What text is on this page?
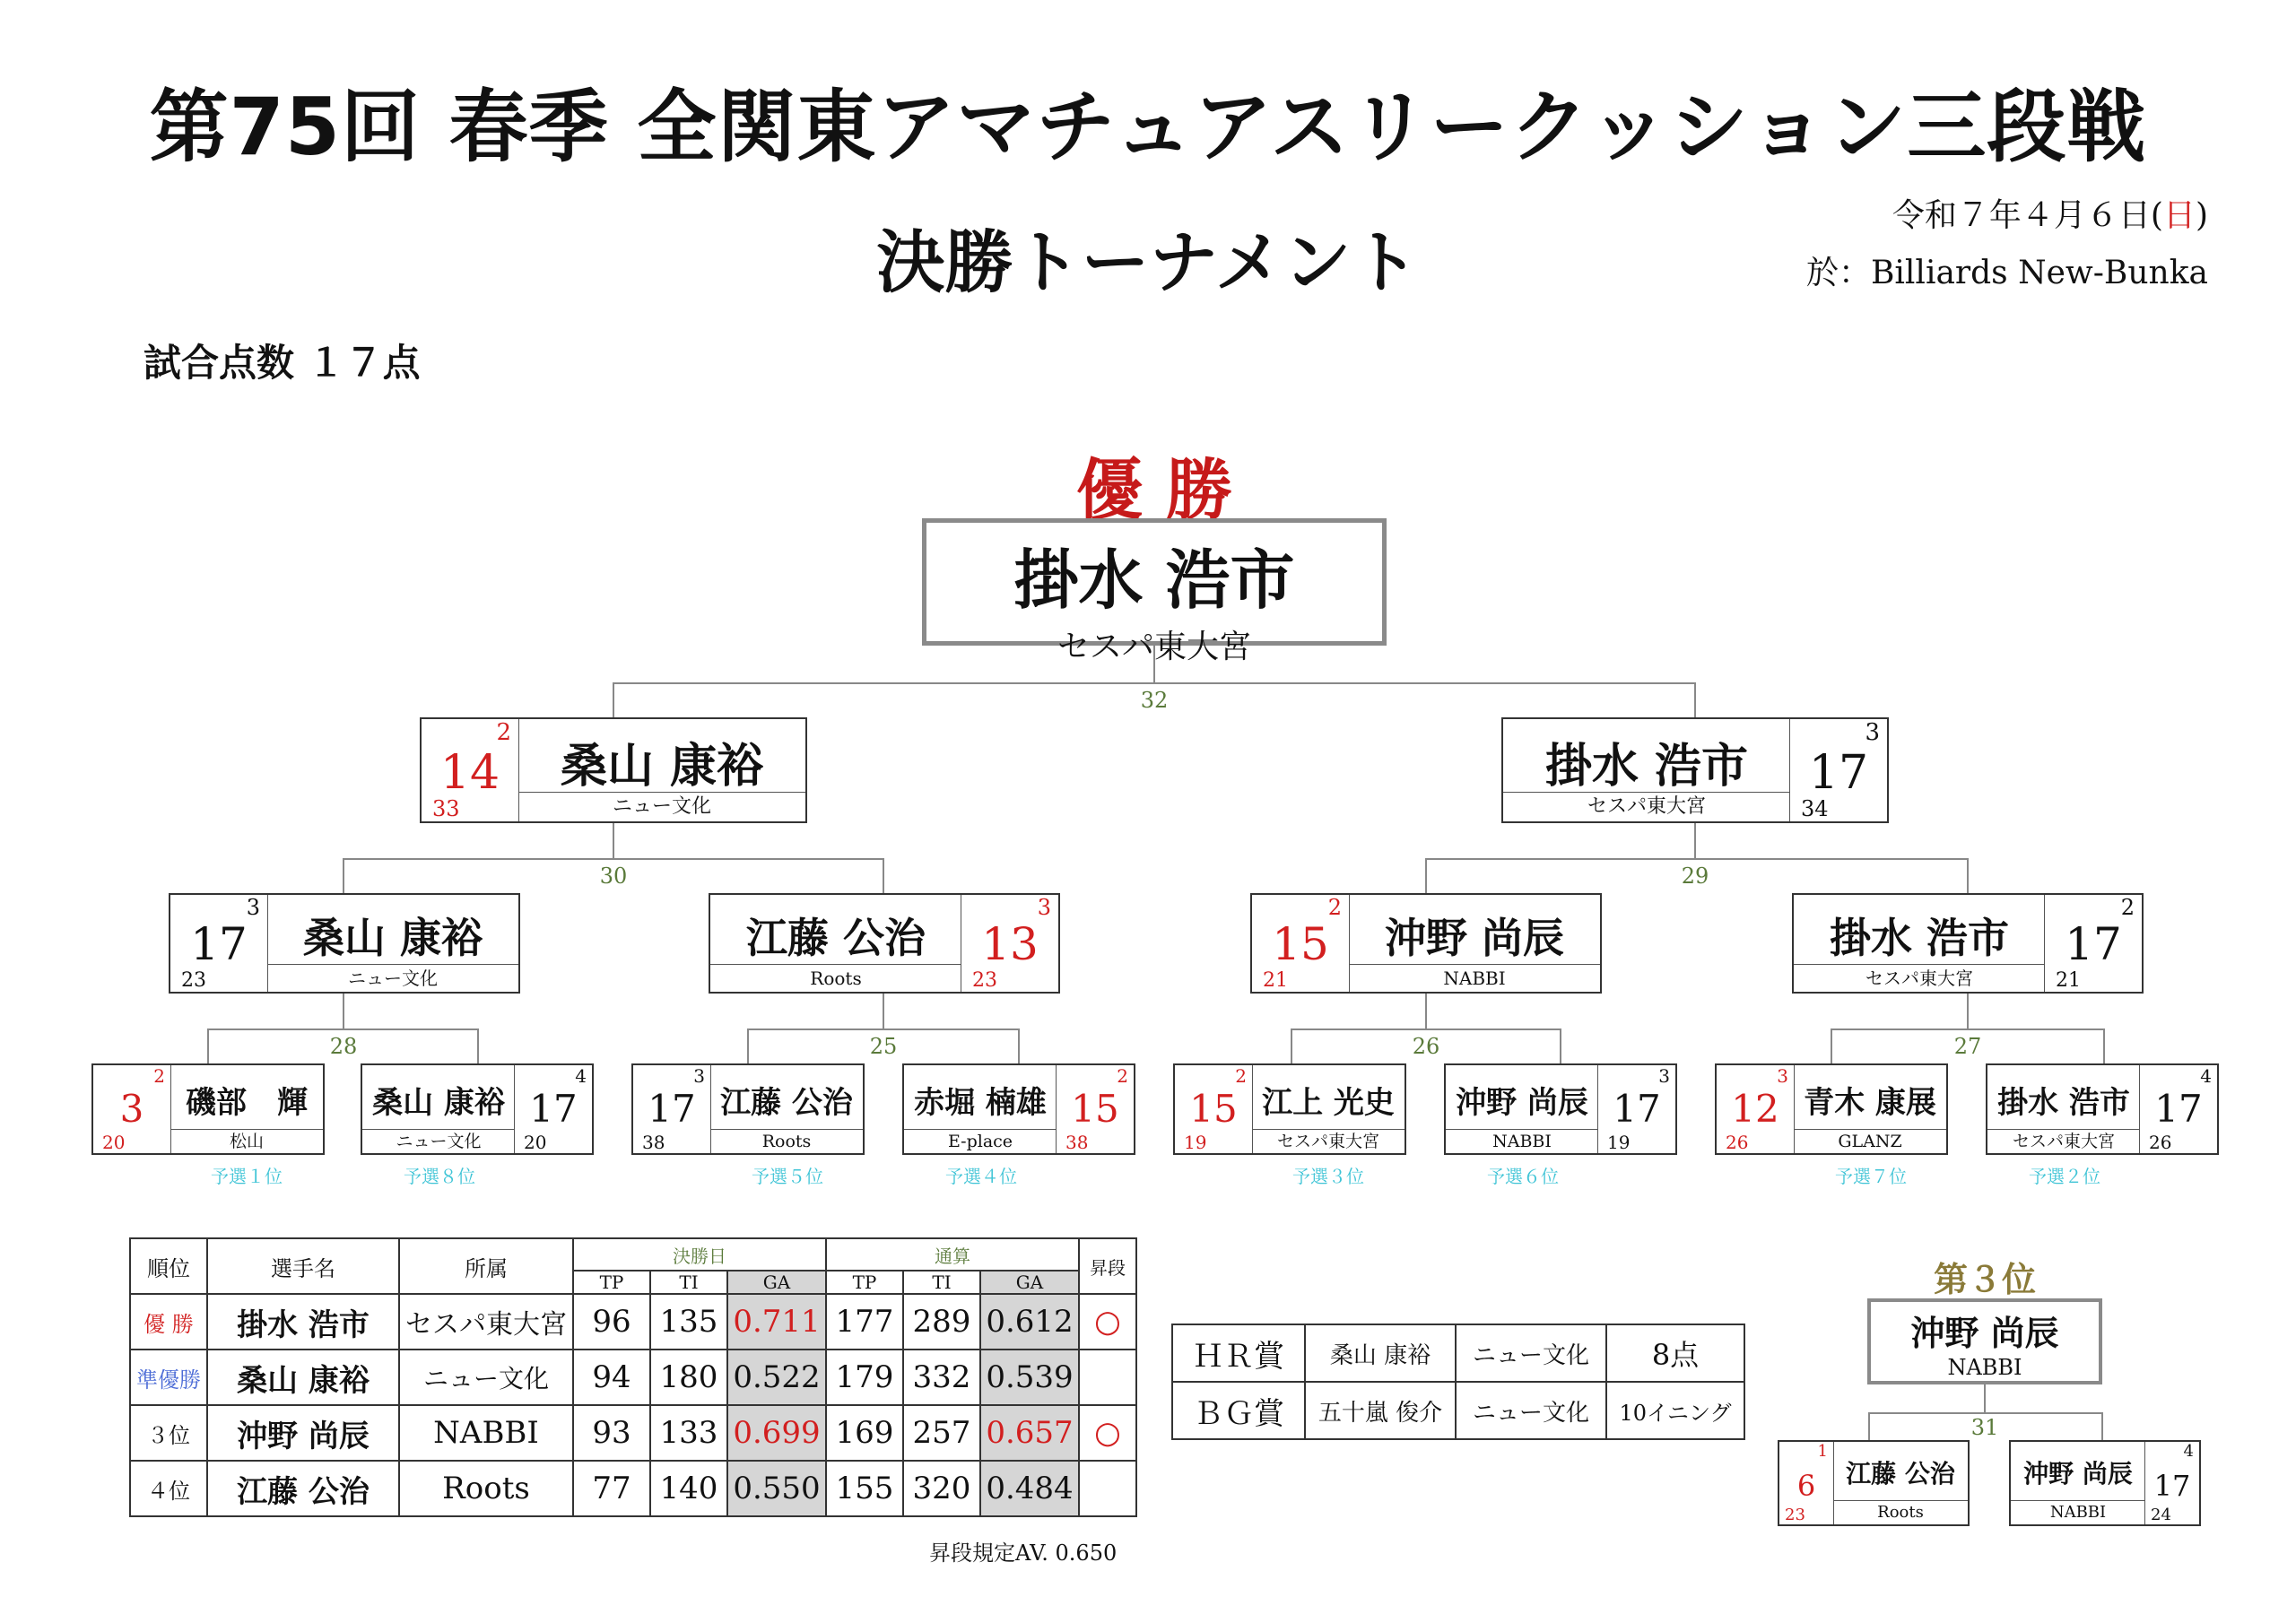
第75回 春季 全関東アマチュアスリークッション三段戦
決勝トーナメント
令和７年４月６日(日)
於：Billiards New-Bunka
試合点数 １７点
優勝
掛水 浩市
セスパ東大宮
32
30	29
28	25	26	27
31
2
14
33
桑山 康裕
ニュー文化
掛水 浩市
セスパ東大宮
3
17
34
3
17
23
桑山 康裕
ニュー文化
江藤 公治
Roots
3
13
23
2
15
21
沖野 尚辰
NABBI
掛水 浩市
セスパ東大宮
2
17
21
2
3
20
磯部　輝
松山
桑山 康裕
ニュー文化
4
17
20
3
17
38
江藤 公治
Roots
赤堀 楠雄
E-place
2
15
38
2
15
19
江上 光史
セスパ東大宮
沖野 尚辰
NABBI
3
17
19
3
12
26
青木 康展
GLANZ
掛水 浩市
セスパ東大宮
4
17
26
予選１位	予選８位	予選５位	予選４位	予選３位	予選６位	予選７位	予選２位
順位	選手名	所属	決勝日			通算			昇段
			TP	TI	GA	TP	TI	GA	
優 勝	掛水 浩市	セスパ東大宮	96	135	0.711	177	289	0.612	○
準優勝	桑山 康裕	ニュー文化	94	180	0.522	179	332	0.539	
３位	沖野 尚辰	NABBI	93	133	0.699	169	257	0.657	○
４位	江藤 公治	Roots	77	140	0.550	155	320	0.484	
昇段規定AV. 0.650
ＨＲ賞	桑山 康裕	ニュー文化	8点
ＢＧ賞	五十嵐 俊介	ニュー文化	10イニング
第３位
沖野 尚辰
NABBI
1
6
23
江藤 公治
Roots
沖野 尚辰
NABBI
4
17
24
